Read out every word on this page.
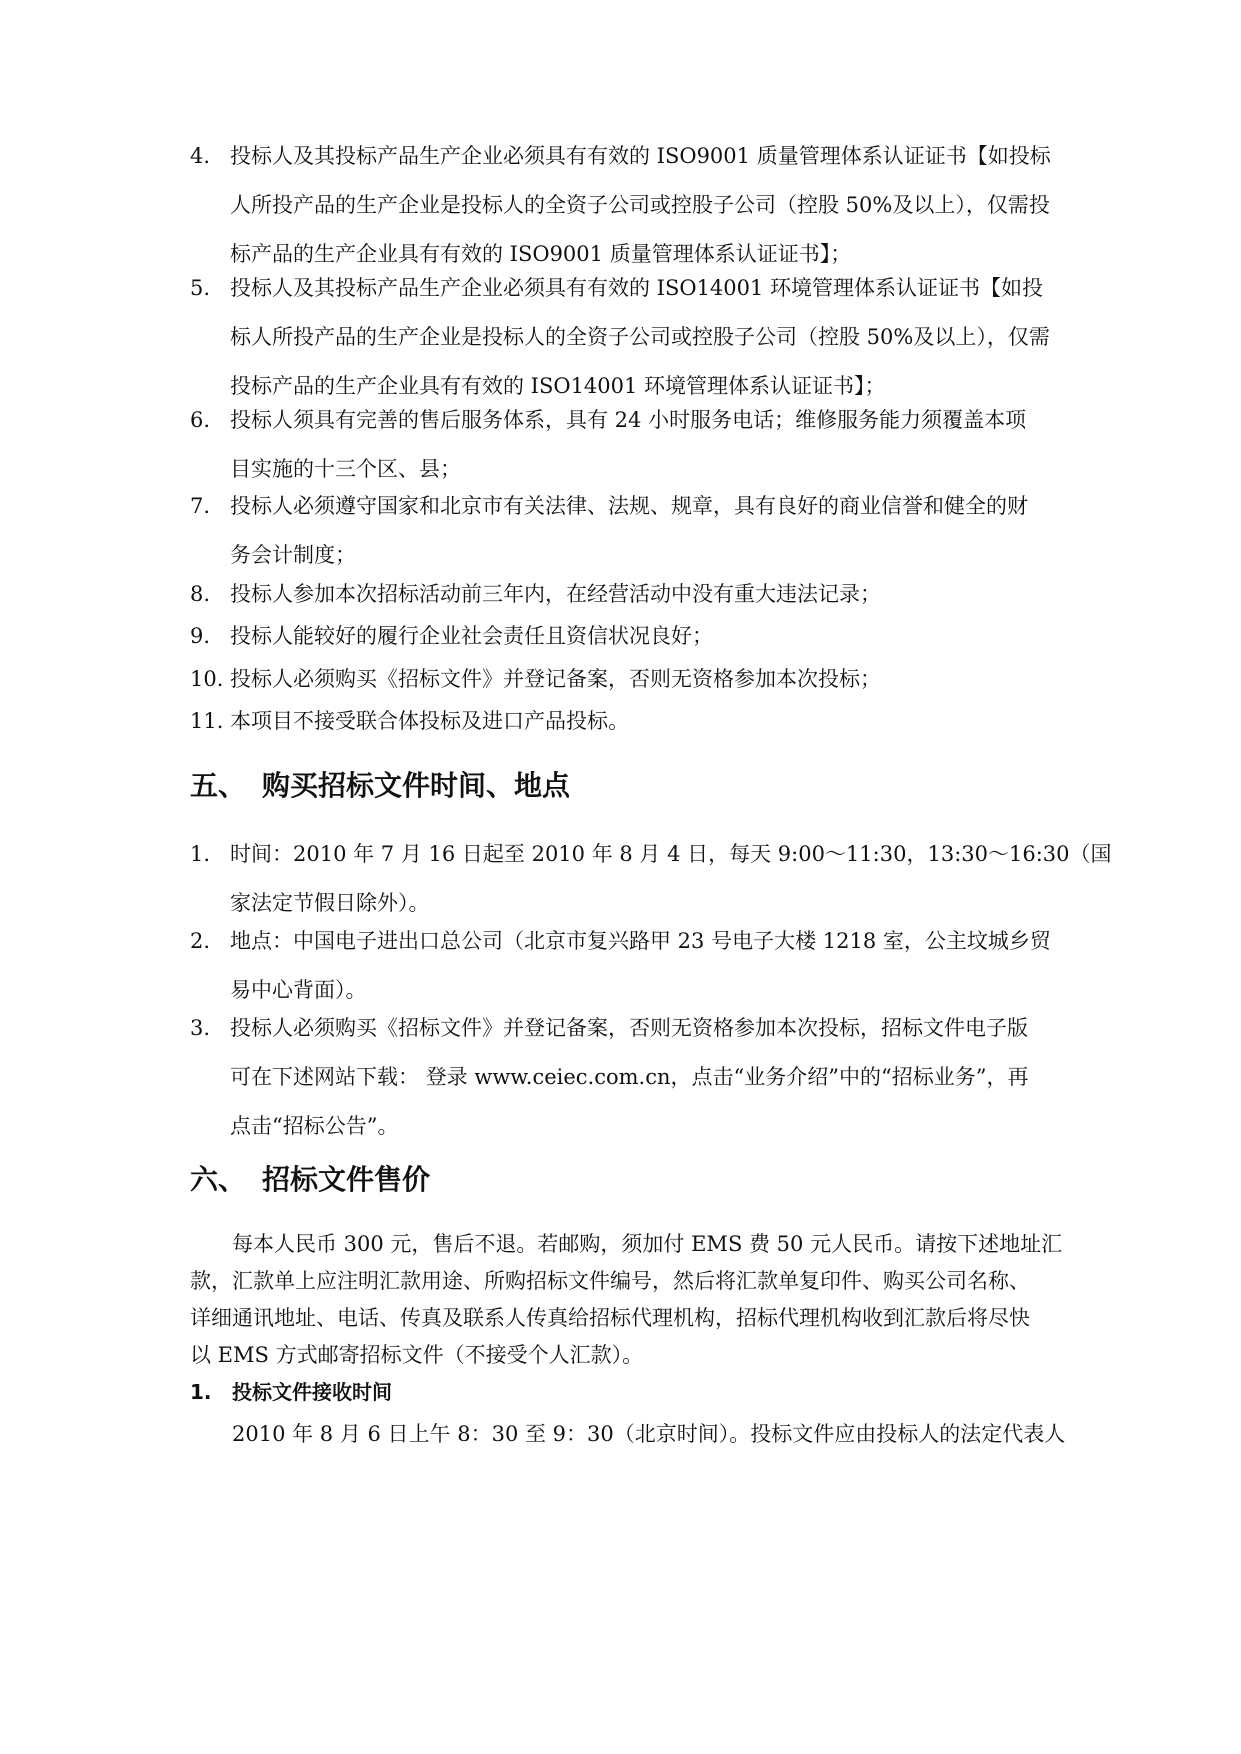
4. 投标人及其投标产品生产企业必须具有有效的 ISO9001 质量管理体系认证证书【如投标
人所投产品的生产企业是投标人的全资子公司或控股子公司（控股 50%及以上），仅需投
标产品的生产企业具有有效的 ISO9001 质量管理体系认证证书】；
5. 投标人及其投标产品生产企业必须具有有效的 ISO14001 环境管理体系认证证书【如投
标人所投产品的生产企业是投标人的全资子公司或控股子公司（控股 50%及以上），仅需
投标产品的生产企业具有有效的 ISO14001 环境管理体系认证证书】；
6. 投标人须具有完善的售后服务体系，具有 24 小时服务电话；维修服务能力须覆盖本项
目实施的十三个区、县；
7. 投标人必须遵守国家和北京市有关法律、法规、规章，具有良好的商业信誉和健全的财
务会计制度；
8. 投标人参加本次招标活动前三年内，在经营活动中没有重大违法记录；
9. 投标人能较好的履行企业社会责任且资信状况良好；
10. 投标人必须购买《招标文件》并登记备案，否则无资格参加本次投标；
11. 本项目不接受联合体投标及进口产品投标。
五、 购买招标文件时间、地点
1. 时间：2010 年 7 月 16 日起至 2010 年 8 月 4 日，每天 9:00～11:30，13:30～16:30（国
家法定节假日除外）。
2. 地点：中国电子进出口总公司（北京市复兴路甲 23 号电子大楼 1218 室，公主坟城乡贸
易中心背面）。
3. 投标人必须购买《招标文件》并登记备案，否则无资格参加本次投标，招标文件电子版
可在下述网站下载： 登录 www.ceiec.com.cn，点击“业务介绍”中的“招标业务”，再
点击“招标公告”。
六、 招标文件售价
　　每本人民币 300 元，售后不退。若邮购，须加付 EMS 费 50 元人民币。请按下述地址汇
款，汇款单上应注明汇款用途、所购招标文件编号，然后将汇款单复印件、购买公司名称、
详细通讯地址、电话、传真及联系人传真给招标代理机构，招标代理机构收到汇款后将尽快
以 EMS 方式邮寄招标文件（不接受个人汇款）。
1. 投标文件接收时间
　　2010 年 8 月 6 日上午 8：30 至 9：30（北京时间）。投标文件应由投标人的法定代表人
